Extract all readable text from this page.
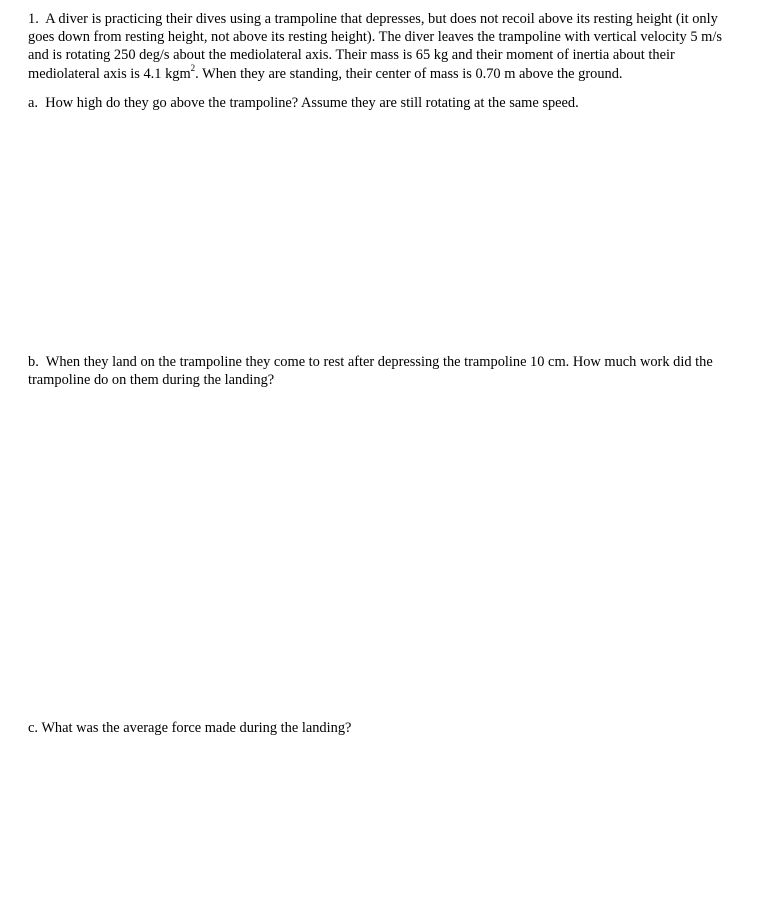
1. A diver is practicing their dives using a trampoline that depresses, but does not recoil above its resting height (it only goes down from resting height, not above its resting height). The diver leaves the trampoline with vertical velocity 5 m/s and is rotating 250 deg/s about the mediolateral axis. Their mass is 65 kg and their moment of inertia about their mediolateral axis is 4.1 kgm$^2$. When they are standing, their center of mass is 0.70 m above the ground.

a. How high do they go above the trampoline? Assume they are still rotating at the same speed.

b. When they land on the trampoline they come to rest after depressing the trampoline 10 cm. How much work did the trampoline do on them during the landing?

c. What was the average force made during the landing?
